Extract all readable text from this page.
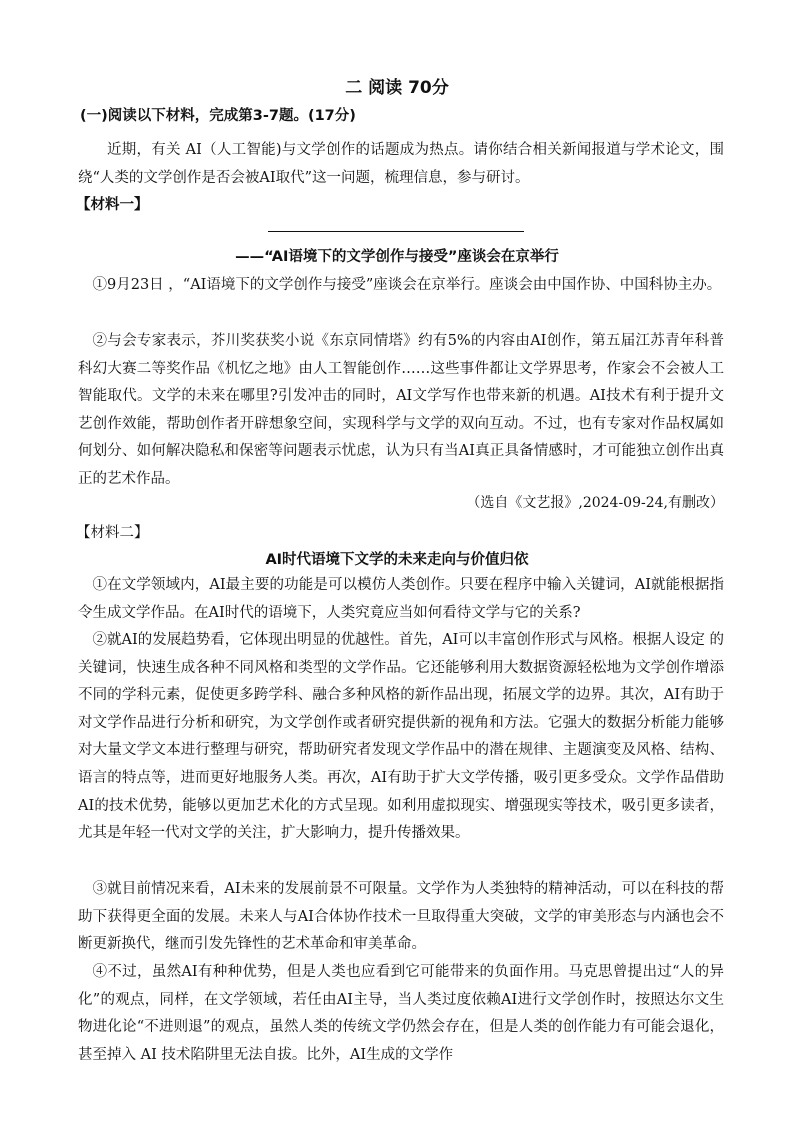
二 阅读 70分
(一)阅读以下材料，完成第3-7题。(17分)
近期，有关 AI（人工智能)与文学创作的话题成为热点。请你结合相关新闻报道与学术论文，围 绕“人类的文学创作是否会被AI取代”这一问题，梳理信息，参与研讨。
【材料一】
——“AI语境下的文学创作与接受”座谈会在京举行
①9月23日 ，“AI语境下的文学创作与接受”座谈会在京举行。座谈会由中国作协、中国科协主办。
②与会专家表示，芥川奖获奖小说《东京同情塔》约有5%的内容由AI创作，第五届江苏青年科普科幻大赛二等奖作品《机忆之地》由人工智能创作……这些事件都让文学界思考，作家会不会被人工智能取代。文学的未来在哪里?引发冲击的同时，AI文学写作也带来新的机遇。AI技术有利于提升文艺创作效能，帮助创作者开辟想象空间，实现科学与文学的双向互动。不过，也有专家对作品权属如何划分、如何解决隐私和保密等问题表示忧虑，认为只有当AI真正具备情感时，才可能独立创作出真正的艺术作品。
（选自《文艺报》,2024-09-24,有删改）
【材料二】
AI时代语境下文学的未来走向与价值归依
①在文学领域内，AI最主要的功能是可以模仿人类创作。只要在程序中输入关键词，AI就能根据指令生成文学作品。在AI时代的语境下，人类究竟应当如何看待文学与它的关系?
②就AI的发展趋势看，它体现出明显的优越性。首先，AI可以丰富创作形式与风格。根据人设定 的关键词，快速生成各种不同风格和类型的文学作品。它还能够利用大数据资源轻松地为文学创作增添不同的学科元素，促使更多跨学科、融合多种风格的新作品出现，拓展文学的边界。其次，AI有助于对文学作品进行分析和研究，为文学创作或者研究提供新的视角和方法。它强大的数据分析能力能够对大量文学文本进行整理与研究，帮助研究者发现文学作品中的潜在规律、主题演变及风格、结构、语言的特点等，进而更好地服务人类。再次，AI有助于扩大文学传播，吸引更多受众。文学作品借助AI的技术优势，能够以更加艺术化的方式呈现。如利用虚拟现实、增强现实等技术，吸引更多读者，尤其是年轻一代对文学的关注，扩大影响力，提升传播效果。
③就目前情况来看，AI未来的发展前景不可限量。文学作为人类独特的精神活动，可以在科技的帮助下获得更全面的发展。未来人与AI合体协作技术一旦取得重大突破，文学的审美形态与内涵也会不断更新换代，继而引发先锋性的艺术革命和审美革命。
④不过，虽然AI有种种优势，但是人类也应看到它可能带来的负面作用。马克思曾提出过“人的异化”的观点，同样，在文学领域，若任由AI主导，当人类过度依赖AI进行文学创作时，按照达尔文生物进化论“不进则退”的观点，虽然人类的传统文学仍然会存在，但是人类的创作能力有可能会退化， 甚至掉入 AI 技术陷阱里无法自拔。比外，AI生成的文学作
